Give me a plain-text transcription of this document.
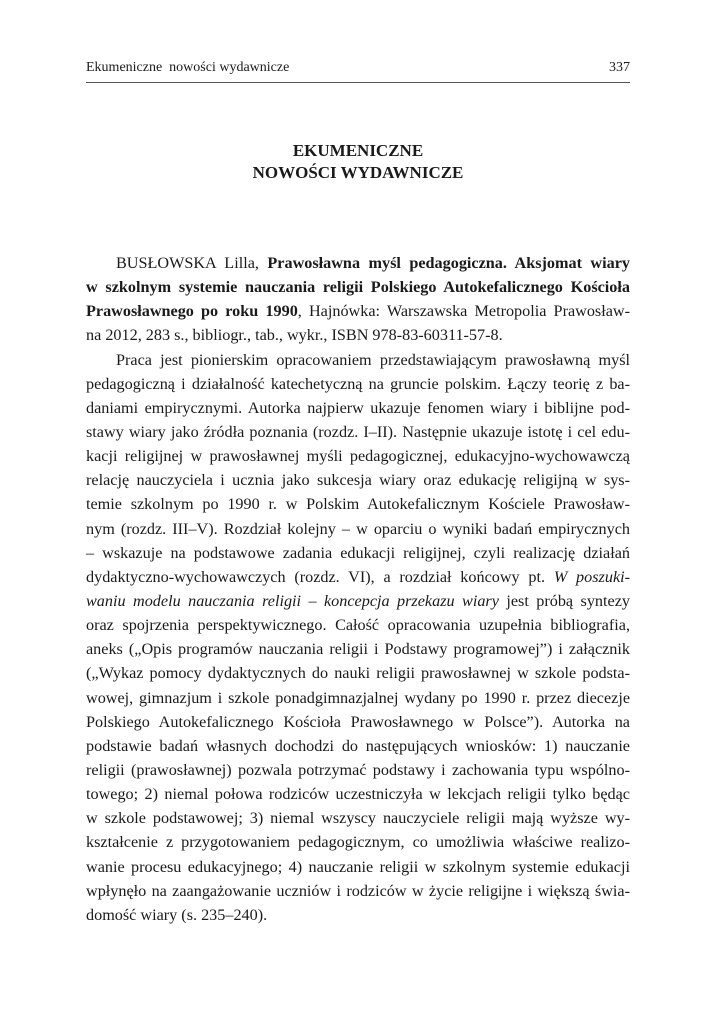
Ekumeniczne  nowości wydawnicze	337
EKUMENICZNE
NOWOŚCI WYDAWNICZE
BUSŁOWSKA Lilla, Prawosławna myśl pedagogiczna. Aksjomat wiary
w szkolnym systemie nauczania religii Polskiego Autokefalicznego Kościoła
Prawosławnego po roku 1990, Hajnówka: Warszawska Metropolia Prawosław-
na 2012, 283 s., bibliogr., tab., wykr., ISBN 978-83-60311-57-8.
Praca jest pionierskim opracowaniem przedstawiającym prawosławną myśl
pedagogiczną i działalność katechetyczną na gruncie polskim. Łączy teorię z ba-
daniami empirycznymi. Autorka najpierw ukazuje fenomen wiary i biblijne pod-
stawy wiary jako źródła poznania (rozdz. I–II). Następnie ukazuje istotę i cel edu-
kacji religijnej w prawosławnej myśli pedagogicznej, edukacyjno-wychowawczą
relację nauczyciela i ucznia jako sukcesja wiary oraz edukację religijną w sys-
temie szkolnym po 1990 r. w Polskim Autokefalicznym Kościele Prawosław-
nym (rozdz. III–V). Rozdział kolejny – w oparciu o wyniki badań empirycznych
– wskazuje na podstawowe zadania edukacji religijnej, czyli realizację działań
dydaktyczno-wychowawczych (rozdz. VI), a rozdział końcowy pt. W poszuki-
waniu modelu nauczania religii – koncepcja przekazu wiary jest próbą syntezy
oraz spojrzenia perspektywicznego. Całość opracowania uzupełnia bibliografia,
aneks („Opis programów nauczania religii i Podstawy programowej”) i załącznik
(„Wykaz pomocy dydaktycznych do nauki religii prawosławnej w szkole podsta-
wowej, gimnazjum i szkole ponadgimnazjalnej wydany po 1990 r. przez diecezje
Polskiego Autokefalicznego Kościoła Prawosławnego w Polsce”). Autorka na
podstawie badań własnych dochodzi do następujących wniosków: 1) nauczanie
religii (prawosławnej) pozwala potrzymać podstawy i zachowania typu wspólno-
towego; 2) niemal połowa rodziców uczestniczyła w lekcjach religii tylko będąc
w szkole podstawowej; 3) niemal wszyscy nauczyciele religii mają wyższe wy-
kształcenie z przygotowaniem pedagogicznym, co umożliwia właściwe realizo-
wanie procesu edukacyjnego; 4) nauczanie religii w szkolnym systemie edukacji
wpłynęło na zaangażowanie uczniów i rodziców w życie religijne i większą świa-
domość wiary (s. 235–240).
